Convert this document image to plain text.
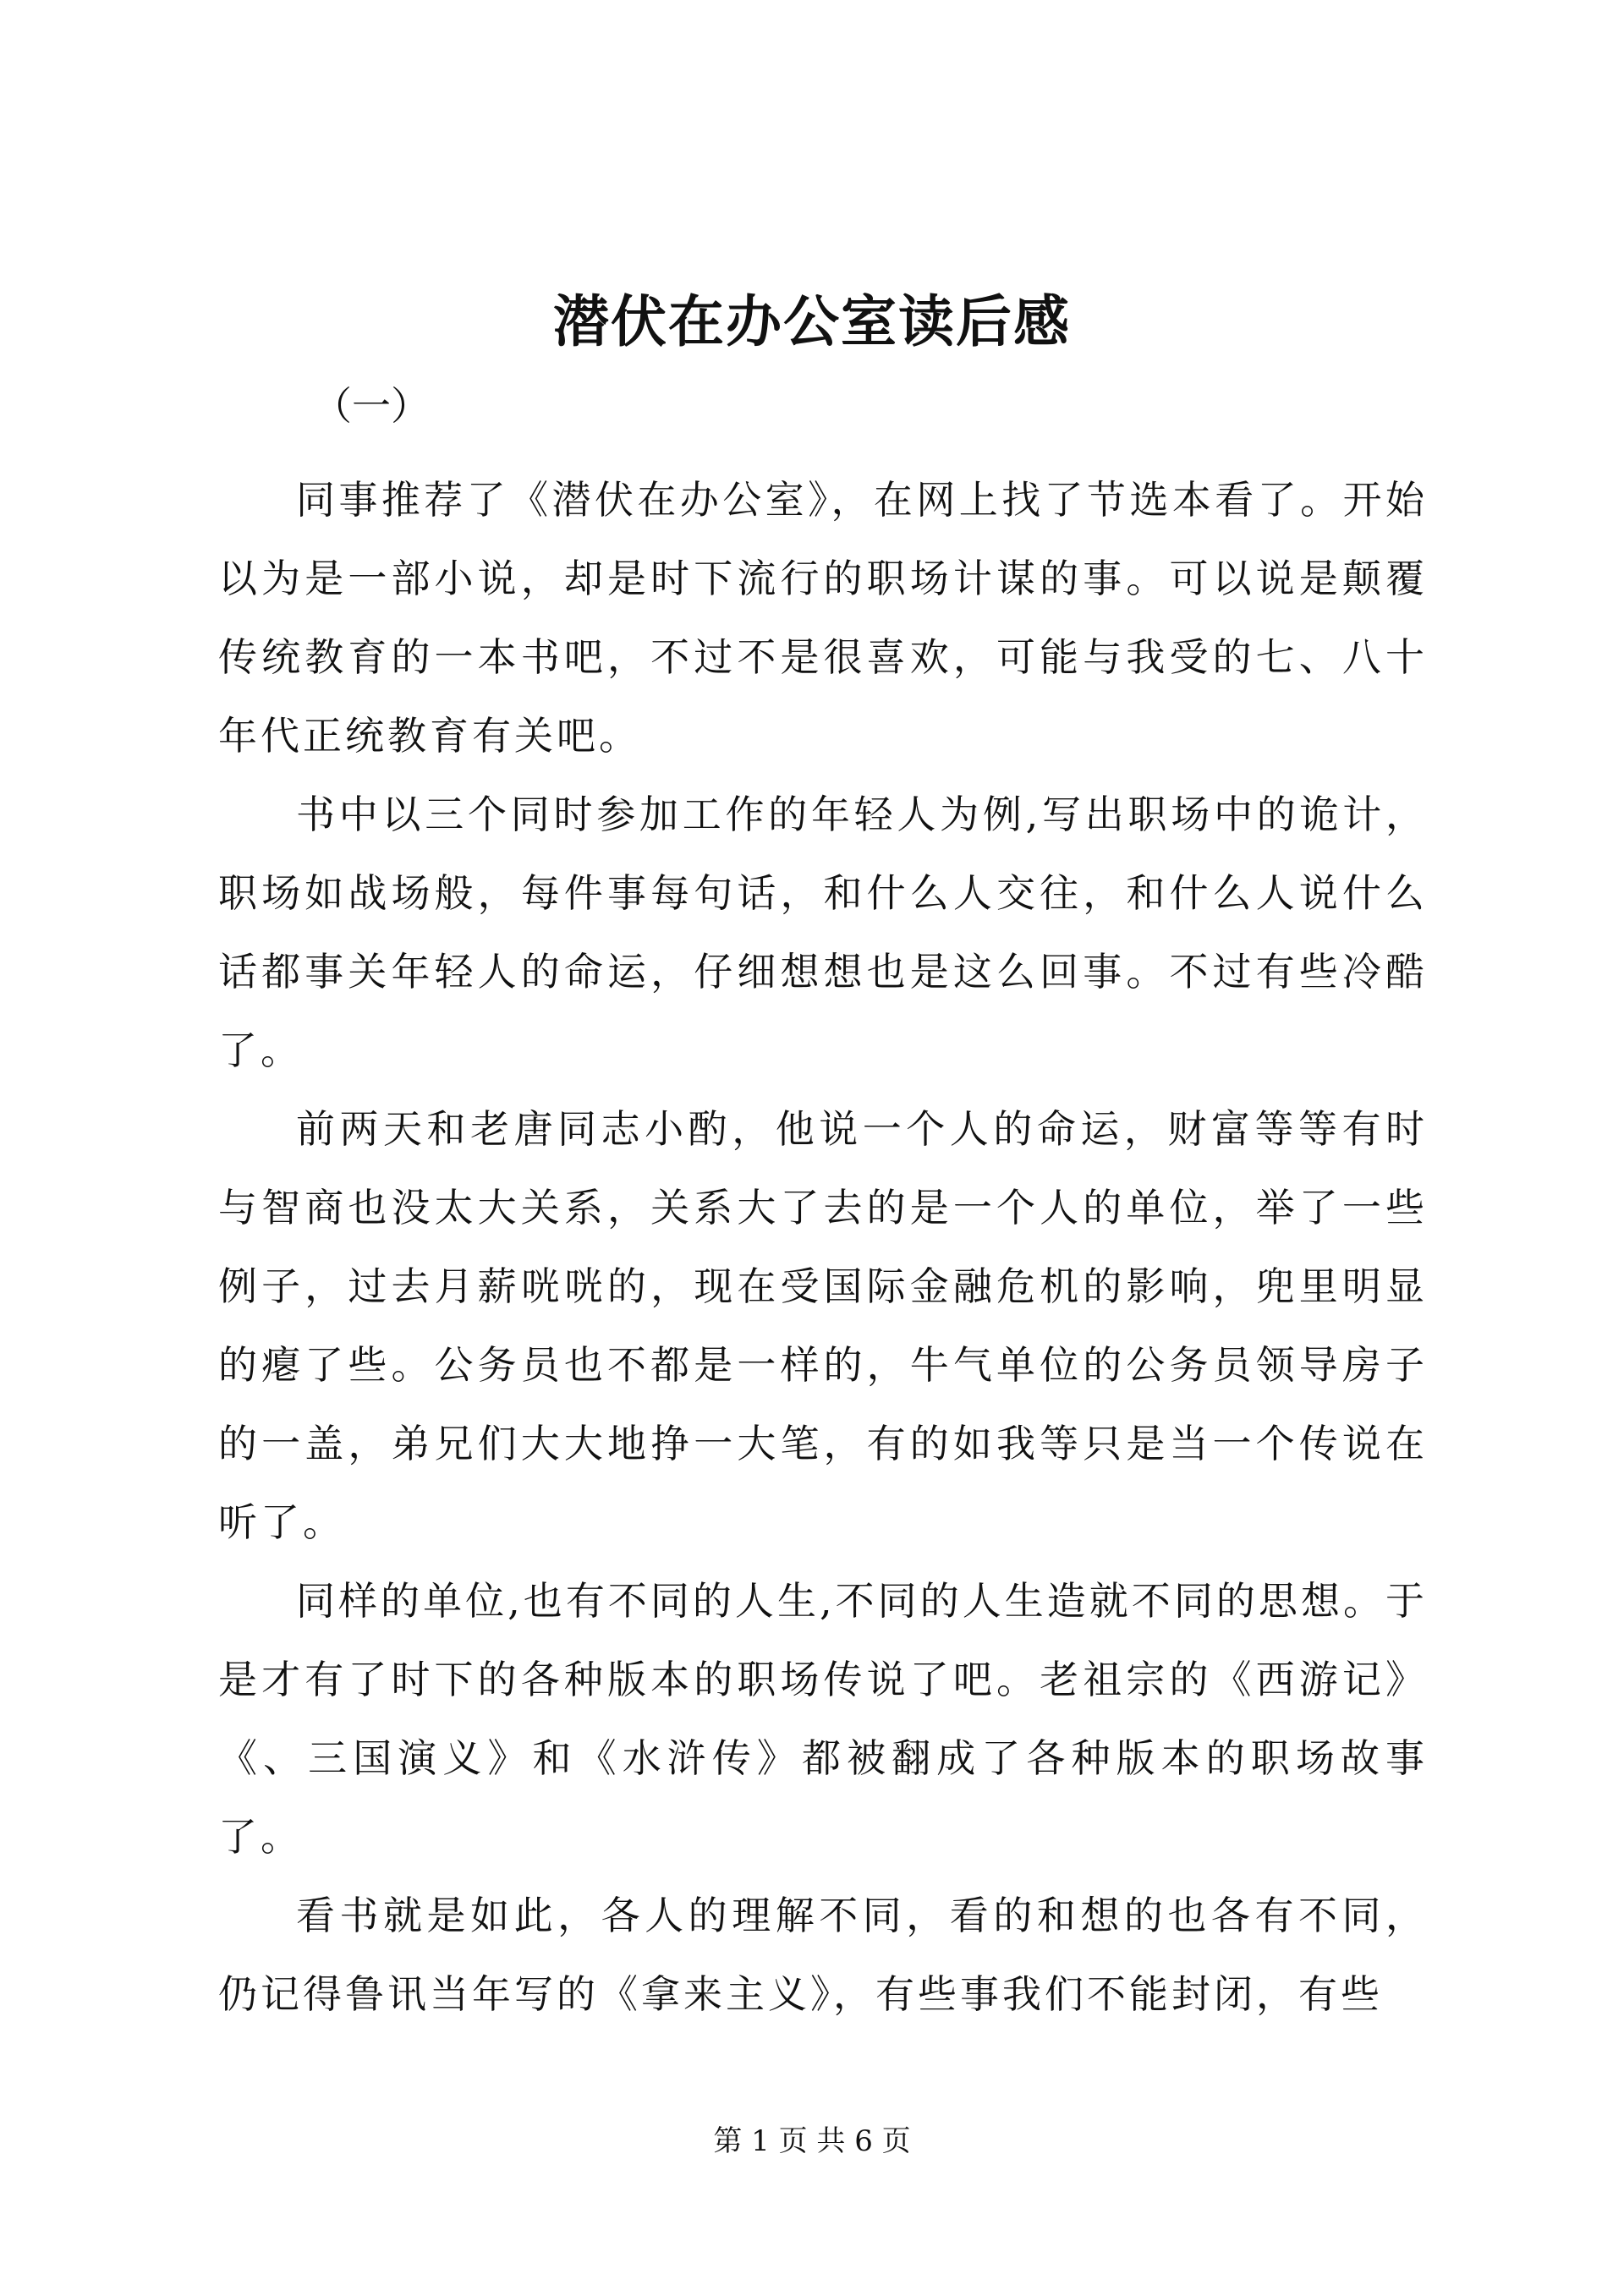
潜伏在办公室读后感
（一）

同事推荐了《潜伏在办公室》，在网上找了节选本看了。开始以为是一部小说，却是时下流行的职场计谋的事。可以说是颠覆传统教育的一本书吧，不过不是很喜欢，可能与我受的七、八十年代正统教育有关吧。

书中以三个同时参加工作的年轻人为例,写出职场中的诡计，职场如战场般，每件事每句话，和什么人交往，和什么人说什么话都事关年轻人的命运，仔细想想也是这么回事。不过有些冷酷了。

前两天和老唐同志小酌，他说一个人的命运，财富等等有时与智商也没太大关系，关系大了去的是一个人的单位，举了一些例子，过去月薪咣咣的，现在受国际金融危机的影响，兜里明显的瘪了些。公务员也不都是一样的，牛气单位的公务员领导房子的一盖，弟兄们大大地挣一大笔，有的如我等只是当一个传说在听了。

同样的单位,也有不同的人生,不同的人生造就不同的思想。于是才有了时下的各种版本的职场传说了吧。老祖宗的《西游记》《、三国演义》和《水浒传》都被翻成了各种版本的职场故事了。

看书就是如此，各人的理解不同，看的和想的也各有不同，仍记得鲁讯当年写的《拿来主义》，有些事我们不能封闭，有些

第 1 页 共 6 页
